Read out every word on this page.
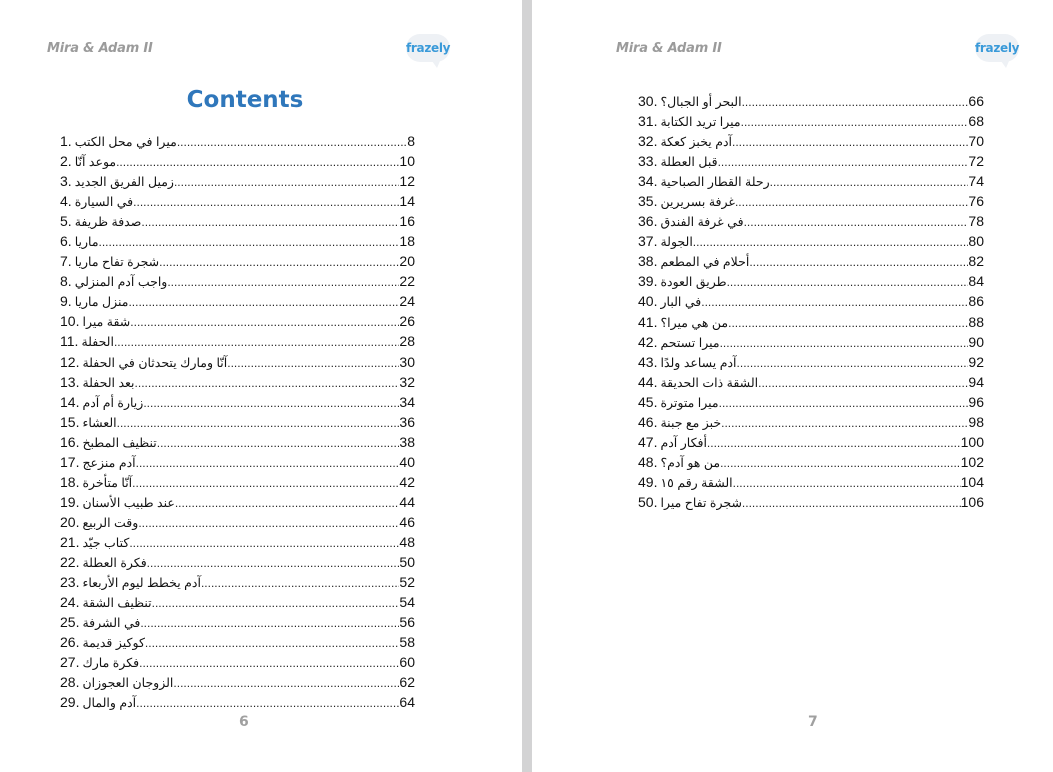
Mira & Adam II	frazely
Contents
1. ميرا في محل الكتب .....	8
2. موعد آنّا .....	10
3. زميل الفريق الجديد .....	12
4. في السيارة .....	14
5. صدفة ظريفة .....	16
6. ماريا .....	18
7. شجرة تفاح ماريا .....	20
8. واجب آدم المنزلي .....	22
9. منزل ماريا .....	24
10. شقة ميرا .....	26
11. الحفلة .....	28
12. آنّا ومارك يتحدثان في الحفلة .....	30
13. بعد الحفلة .....	32
14. زيارة أم آدم .....	34
15. العشاء .....	36
16. تنظيف المطبخ .....	38
17. آدم منزعج .....	40
18. آنّا متأخرة .....	42
19. عند طبيب الأسنان .....	44
20. وقت الربيع .....	46
21. كتاب جيّد .....	48
22. فكرة العطلة .....	50
23. آدم يخطط ليوم الأربعاء .....	52
24. تنظيف الشقة .....	54
25. في الشرفة .....	56
26. كوكيز قديمة .....	58
27. فكرة مارك .....	60
28. الزوجان العجوزان .....	62
29. آدم والمال .....	64
6
Mira & Adam II	frazely
30. البحر أو الجبال؟ .....	66
31. ميرا تريد الكتابة .....	68
32. آدم يخبز كعكة .....	70
33. قبل العطلة .....	72
34. رحلة القطار الصباحية .....	74
35. غرفة بسريرين .....	76
36. في غرفة الفندق .....	78
37. الجولة .....	80
38. أحلام في المطعم .....	82
39. طريق العودة .....	84
40. في البار .....	86
41. من هي ميرا؟ .....	88
42. ميرا تستحم .....	90
43. آدم يساعد ولدًا .....	92
44. الشقة ذات الحديقة .....	94
45. ميرا متوترة .....	96
46. خبز مع جبنة .....	98
47. أفكار آدم .....	100
48. من هو آدم؟ .....	102
49. الشقة رقم ١٥ .....	104
50. شجرة تفاح ميرا .....	106
7
